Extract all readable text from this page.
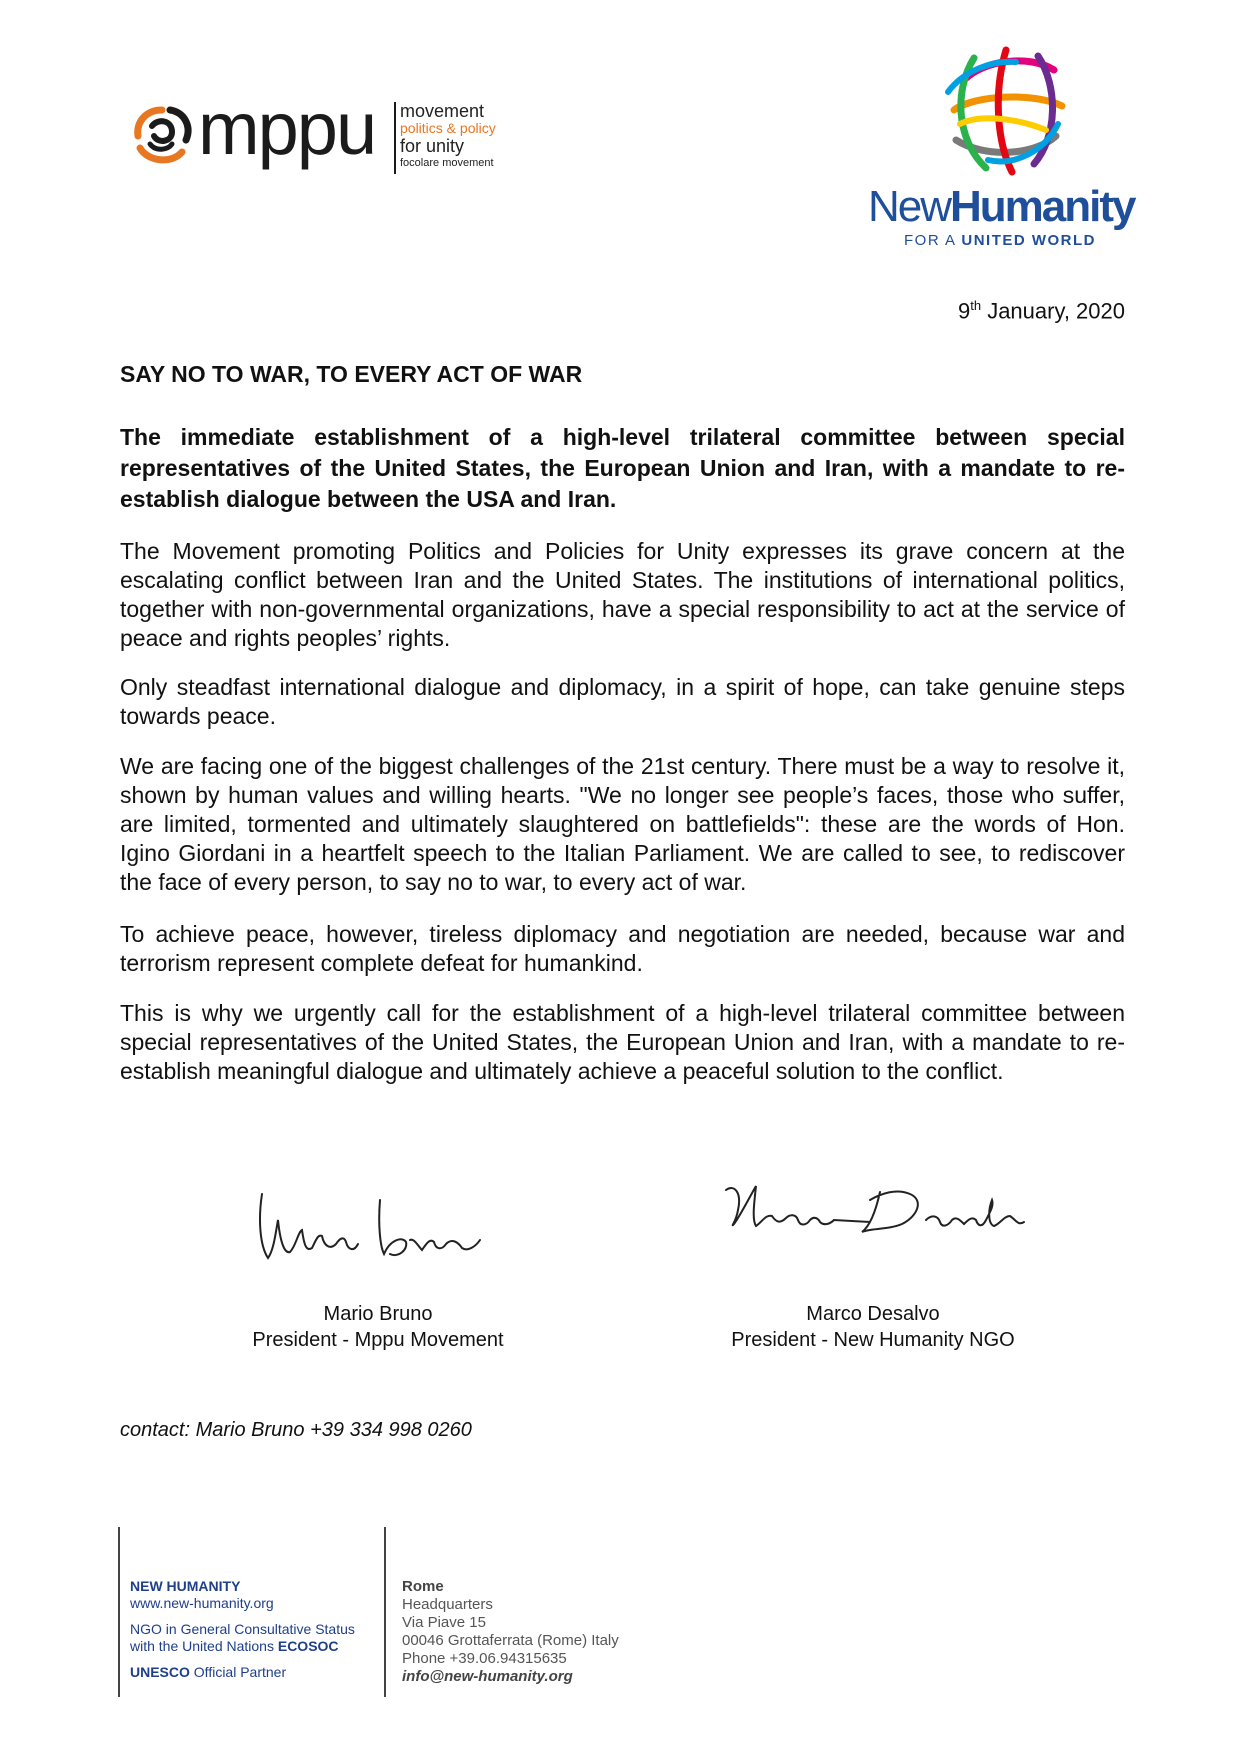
mppu movement
politics & policy
for unity
focolare movement
NewHumanity
FOR A UNITED WORLD
9th January, 2020
SAY NO TO WAR, TO EVERY ACT OF WAR
The immediate establishment of a high-level trilateral committee between special representatives of the United States, the European Union and Iran, with a mandate to re-establish dialogue between the USA and Iran.

The Movement promoting Politics and Policies for Unity expresses its grave concern at the escalating conflict between Iran and the United States. The institutions of international politics, together with non-governmental organizations, have a special responsibility to act at the service of peace and rights peoples’ rights.

Only steadfast international dialogue and diplomacy, in a spirit of hope, can take genuine steps towards peace.

We are facing one of the biggest challenges of the 21st century. There must be a way to resolve it, shown by human values and willing hearts. "We no longer see people’s faces, those who suffer, are limited, tormented and ultimately slaughtered on battlefields": these are the words of Hon. Igino Giordani in a heartfelt speech to the Italian Parliament. We are called to see, to rediscover the face of every person, to say no to war, to every act of war.

To achieve peace, however, tireless diplomacy and negotiation are needed, because war and terrorism represent complete defeat for humankind.

This is why we urgently call for the establishment of a high-level trilateral committee between special representatives of the United States, the European Union and Iran, with a mandate to re-establish meaningful dialogue and ultimately achieve a peaceful solution to the conflict.

Mario Bruno
President - Mppu Movement
Marco Desalvo
President - New Humanity NGO
contact: Mario Bruno +39 334 998 0260
NEW HUMANITY
www.new-humanity.org
NGO in General Consultative Status
with the United Nations ECOSOC
UNESCO Official Partner
Rome
Headquarters
Via Piave 15
00046 Grottaferrata (Rome) Italy
Phone +39.06.94315635
info@new-humanity.org
